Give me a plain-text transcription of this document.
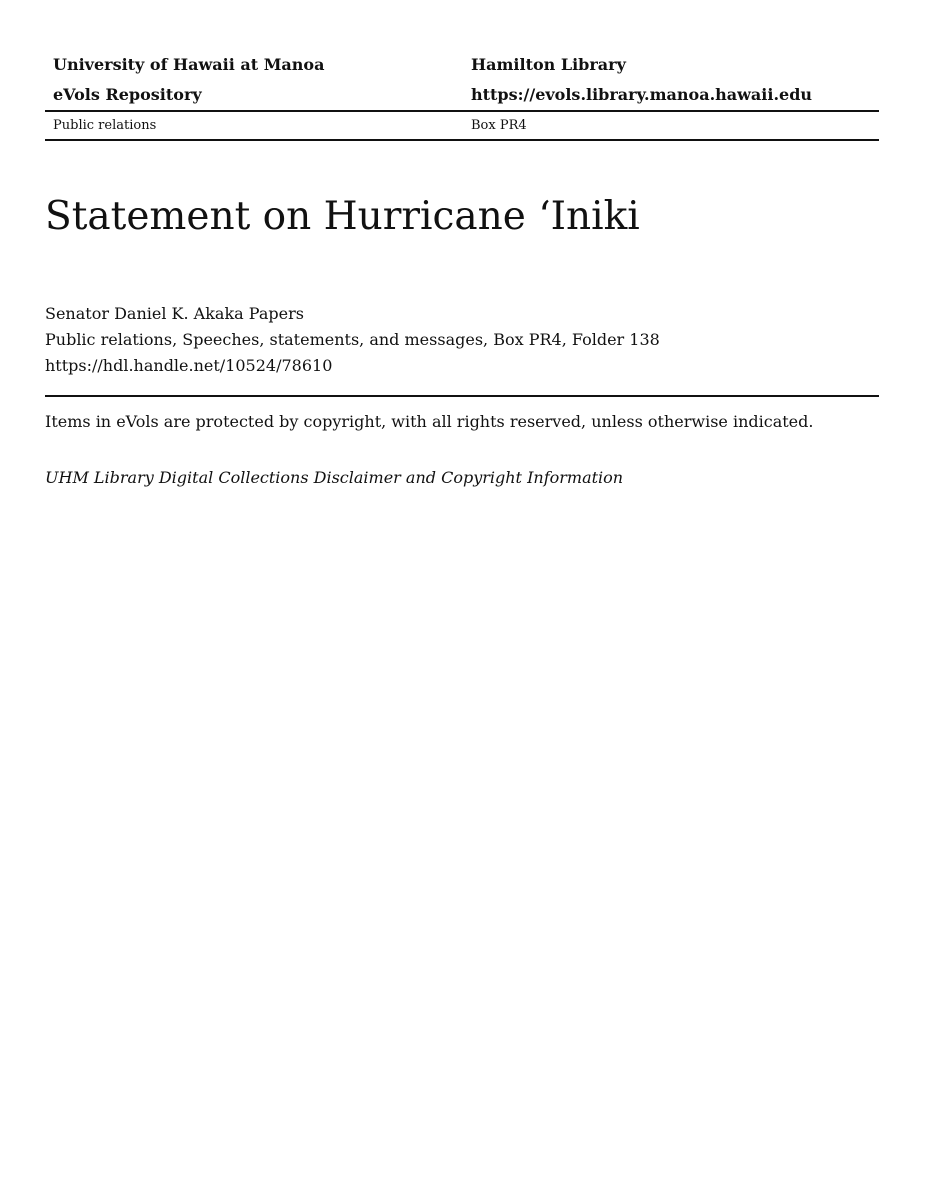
University of Hawaii at Manoa	Hamilton Library
eVols Repository	https://evols.library.manoa.hawaii.edu
Public relations	Box PR4
Statement on Hurricane ‘Iniki
Senator Daniel K. Akaka Papers
Public relations, Speeches, statements, and messages, Box PR4, Folder 138
https://hdl.handle.net/10524/78610
Items in eVols are protected by copyright, with all rights reserved, unless otherwise indicated.
UHM Library Digital Collections Disclaimer and Copyright Information
